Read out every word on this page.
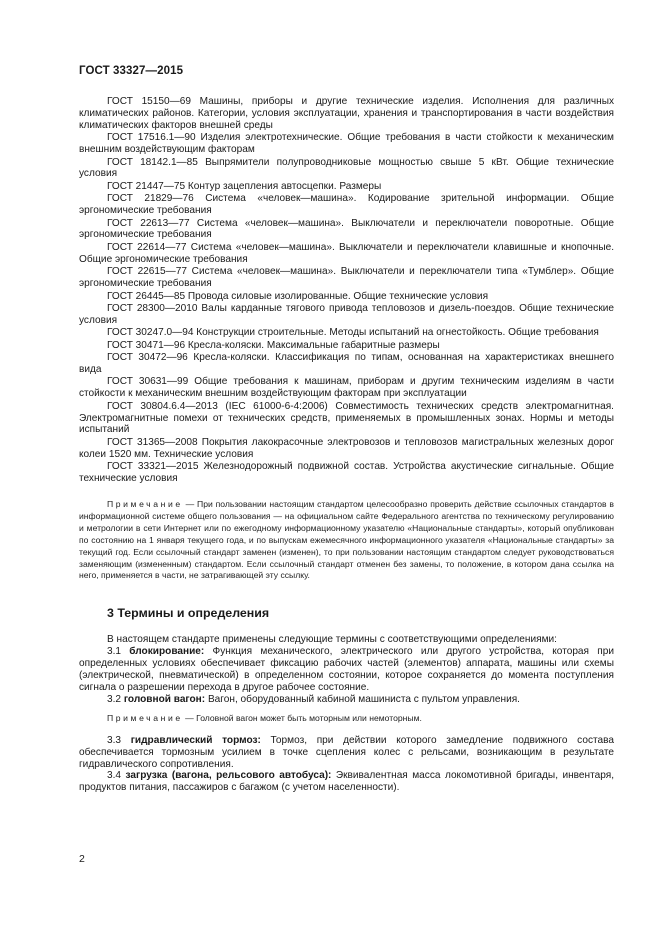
ГОСТ 33327—2015

ГОСТ 15150—69 Машины, приборы и другие технические изделия. Исполнения для различных климатических районов. Категории, условия эксплуатации, хранения и транспортирования в части воздействия климатических факторов внешней среды

ГОСТ 17516.1—90 Изделия электротехнические. Общие требования в части стойкости к механическим внешним воздействующим факторам

ГОСТ 18142.1—85 Выпрямители полупроводниковые мощностью свыше 5 кВт. Общие технические условия

ГОСТ 21447—75 Контур зацепления автосцепки. Размеры

ГОСТ 21829—76 Система «человек—машина». Кодирование зрительной информации. Общие эргономические требования

ГОСТ 22613—77 Система «человек—машина». Выключатели и переключатели поворотные. Общие эргономические требования

ГОСТ 22614—77 Система «человек—машина». Выключатели и переключатели клавишные и кнопочные. Общие эргономические требования

ГОСТ 22615—77 Система «человек—машина». Выключатели и переключатели типа «Тумблер». Общие эргономические требования

ГОСТ 26445—85 Провода силовые изолированные. Общие технические условия

ГОСТ 28300—2010 Валы карданные тягового привода тепловозов и дизель-поездов. Общие технические условия

ГОСТ 30247.0—94 Конструкции строительные. Методы испытаний на огнестойкость. Общие требования

ГОСТ 30471—96 Кресла-коляски. Максимальные габаритные размеры

ГОСТ 30472—96 Кресла-коляски. Классификация по типам, основанная на характеристиках внешнего вида

ГОСТ 30631—99 Общие требования к машинам, приборам и другим техническим изделиям в части стойкости к механическим внешним воздействующим факторам при эксплуатации

ГОСТ 30804.6.4—2013 (IEC 61000-6-4:2006) Совместимость технических средств электромагнитная. Электромагнитные помехи от технических средств, применяемых в промышленных зонах. Нормы и методы испытаний

ГОСТ 31365—2008 Покрытия лакокрасочные электровозов и тепловозов магистральных железных дорог колеи 1520 мм. Технические условия

ГОСТ 33321—2015 Железнодорожный подвижной состав. Устройства акустические сигнальные. Общие технические условия

Примечание — При пользовании настоящим стандартом целесообразно проверить действие ссылочных стандартов в информационной системе общего пользования — на официальном сайте Федерального агентства по техническому регулированию и метрологии в сети Интернет или по ежегодному информационному указателю «Национальные стандарты», который опубликован по состоянию на 1 января текущего года, и по выпускам ежемесячного информационного указателя «Национальные стандарты» за текущий год. Если ссылочный стандарт заменен (изменен), то при пользовании настоящим стандартом следует руководствоваться заменяющим (измененным) стандартом. Если ссылочный стандарт отменен без замены, то положение, в котором дана ссылка на него, применяется в части, не затрагивающей эту ссылку.

3 Термины и определения

В настоящем стандарте применены следующие термины с соответствующими определениями:

3.1 блокирование: Функция механического, электрического или другого устройства, которая при определенных условиях обеспечивает фиксацию рабочих частей (элементов) аппарата, машины или схемы (электрической, пневматической) в определенном состоянии, которое сохраняется до момента поступления сигнала о разрешении перехода в другое рабочее состояние.

3.2 головной вагон: Вагон, оборудованный кабиной машиниста с пультом управления.

Примечание — Головной вагон может быть моторным или немоторным.

3.3 гидравлический тормоз: Тормоз, при действии которого замедление подвижного состава обеспечивается тормозным усилием в точке сцепления колес с рельсами, возникающим в результате гидравлического сопротивления.

3.4 загрузка (вагона, рельсового автобуса): Эквивалентная масса локомотивной бригады, инвентаря, продуктов питания, пассажиров с багажом (с учетом населенности).

2
